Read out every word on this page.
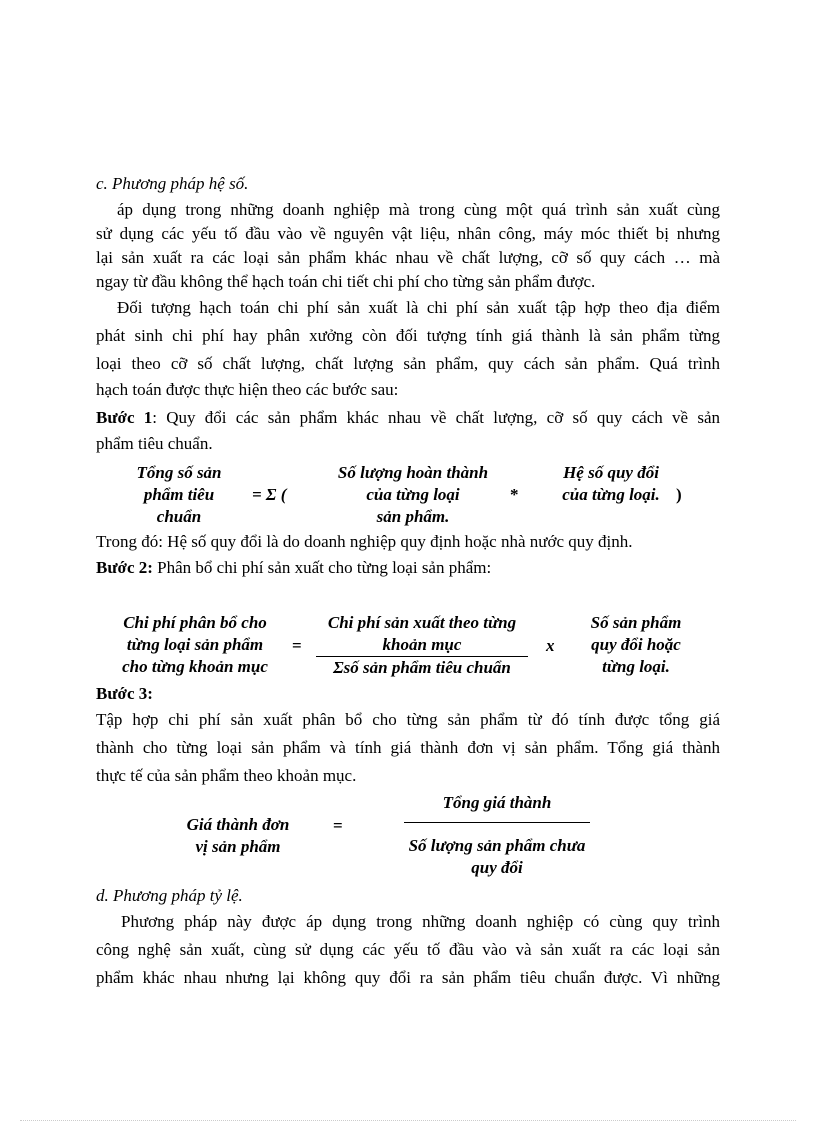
c. Phương pháp hệ số.
áp dụng trong những doanh nghiệp mà trong cùng một quá trình sản xuất cùng
sử dụng các yếu tố đầu vào về nguyên vật liệu, nhân công, máy móc thiết bị nhưng
lại sản xuất ra các loại sản phẩm khác nhau về chất lượng, cỡ số quy cách … mà
ngay từ đầu không thể hạch toán chi tiết chi phí cho từng sản phẩm được.
Đối tượng hạch toán chi phí sản xuất là chi phí sản xuất tập hợp theo địa điểm
phát sinh chi phí hay phân xưởng còn đối tượng tính giá thành là sản phẩm từng
loại theo cỡ số chất lượng, chất lượng sản phẩm, quy cách sản phẩm. Quá trình
hạch toán được thực hiện theo các bước sau:
Bước 1: Quy đổi các sản phẩm khác nhau về chất lượng, cỡ số quy cách về sản
phẩm tiêu chuẩn.
Tổng số sản
phẩm tiêu
chuẩn
= Σ (
Số lượng hoàn thành
của từng loại
sản phẩm.
*
Hệ số quy đổi
của từng loại. )
Trong đó: Hệ số quy đổi là do doanh nghiệp quy định hoặc nhà nước quy định.
Bước 2: Phân bổ chi phí sản xuất cho từng loại sản phẩm:
Chi phí phân bổ cho
từng loại sản phẩm
cho từng khoản mục
=
Chi phí sản xuất theo từng
khoản mục
Σsố sản phẩm tiêu chuẩn
x
Số sản phẩm
quy đổi hoặc
từng loại.
Bước 3:
Tập hợp chi phí sản xuất phân bổ cho từng sản phẩm từ đó tính được tổng giá
thành cho từng loại sản phẩm và tính giá thành đơn vị sản phẩm. Tổng giá thành
thực tế của sản phẩm theo khoản mục.
Giá thành đơn
vị sản phẩm
=
Tổng giá thành
Số lượng sản phẩm chưa
quy đổi
d. Phương pháp tỷ lệ.
Phương pháp này được áp dụng trong những doanh nghiệp có cùng quy trình
công nghệ sản xuất, cùng sử dụng các yếu tố đầu vào và sản xuất ra các loại sản
phẩm khác nhau nhưng lại không quy đổi ra sản phẩm tiêu chuẩn được. Vì những
